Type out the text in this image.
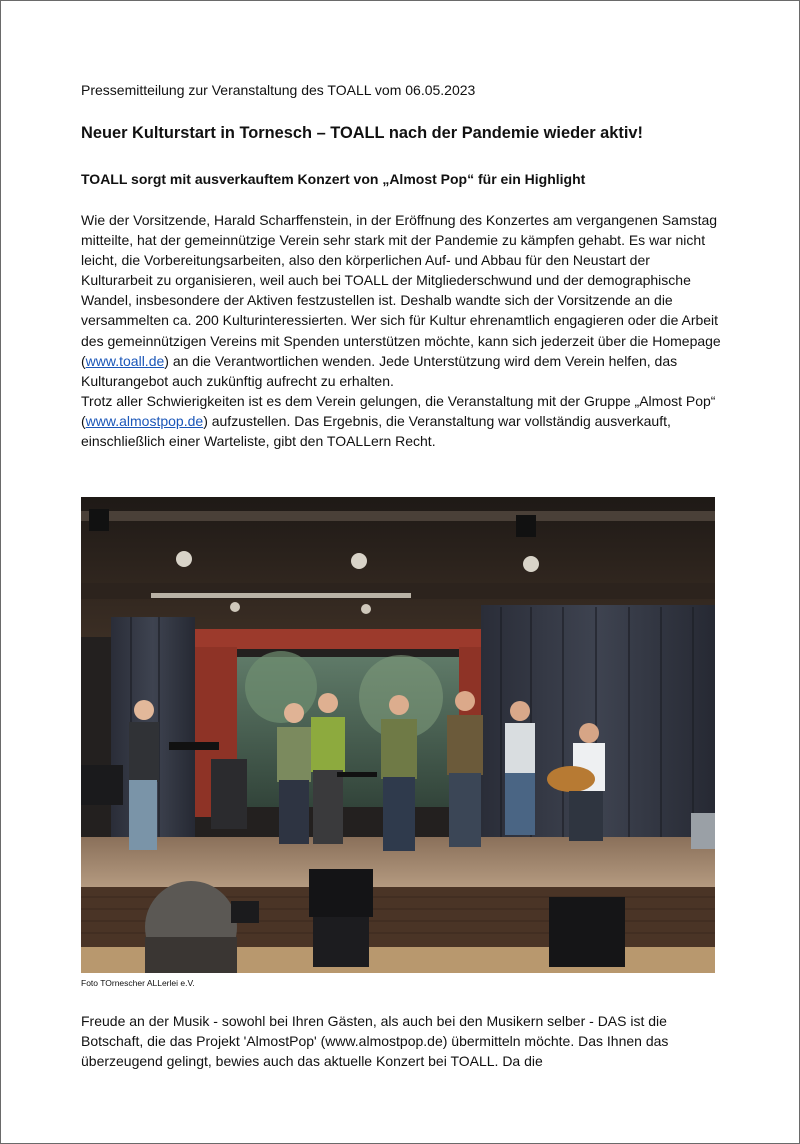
Pressemitteilung zur Veranstaltung des TOALL vom 06.05.2023
Neuer Kulturstart in Tornesch – TOALL nach der Pandemie wieder aktiv!
TOALL sorgt mit ausverkauftem Konzert von „Almost Pop“ für ein Highlight

Wie der Vorsitzende, Harald Scharffenstein, in der Eröffnung des Konzertes am vergangenen Samstag mitteilte, hat der gemeinnützige Verein sehr stark mit der Pandemie zu kämpfen gehabt. Es war nicht leicht, die Vorbereitungsarbeiten, also den körperlichen Auf- und Abbau für den Neustart der Kulturarbeit zu organisieren, weil auch bei TOALL der Mitgliederschwund und der demographische Wandel, insbesondere der Aktiven festzustellen ist. Deshalb wandte sich der Vorsitzende an die versammelten ca. 200 Kulturinteressierten. Wer sich für Kultur ehrenamtlich engagieren oder die Arbeit des gemeinnützigen Vereins mit Spenden unterstützen möchte, kann sich jederzeit über die Homepage (www.toall.de) an die Verantwortlichen wenden. Jede Unterstützung wird dem Verein helfen, das Kulturangebot auch zukünftig aufrecht zu erhalten.

Trotz aller Schwierigkeiten ist es dem Verein gelungen, die Veranstaltung mit der Gruppe „Almost Pop“ (www.almostpop.de) aufzustellen. Das Ergebnis, die Veranstaltung war vollständig ausverkauft, einschließlich einer Warteliste, gibt den TOALLern Recht.

Foto TOrnescher ALLerlei e.V.

Freude an der Musik - sowohl bei Ihren Gästen, als auch bei den Musikern selber - DAS ist die Botschaft, die das Projekt 'AlmostPop' (www.almostpop.de) übermitteln möchte. Das Ihnen das überzeugend gelingt, bewies auch das aktuelle Konzert bei TOALL. Da die
